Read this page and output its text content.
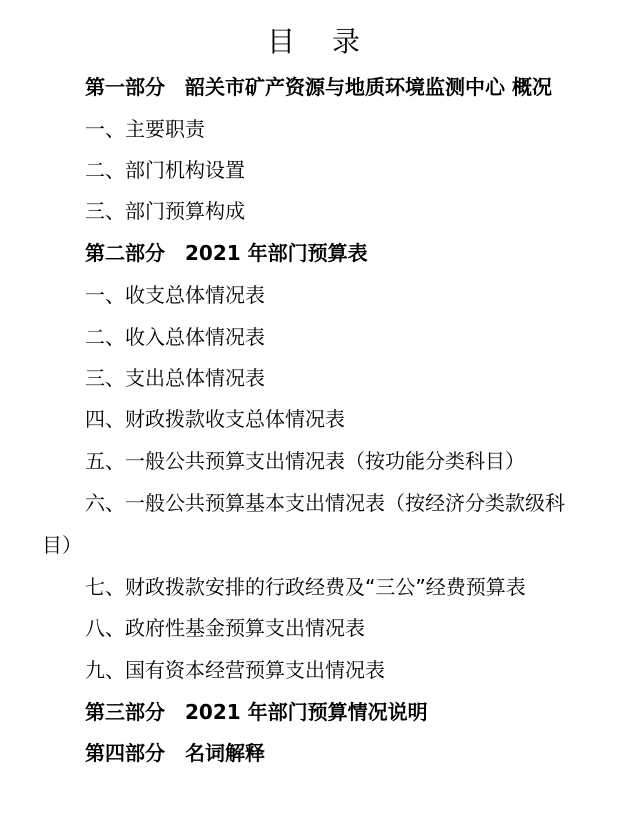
目 录
第一部分　韶关市矿产资源与地质环境监测中心 概况
一、主要职责
二、部门机构设置
三、部门预算构成
第二部分　2021 年部门预算表
一、收支总体情况表
二、收入总体情况表
三、支出总体情况表
四、财政拨款收支总体情况表
五、一般公共预算支出情况表（按功能分类科目）
六、一般公共预算基本支出情况表（按经济分类款级科
目）
七、财政拨款安排的行政经费及“三公”经费预算表
八、政府性基金预算支出情况表
九、国有资本经营预算支出情况表
第三部分　2021 年部门预算情况说明
第四部分　名词解释
